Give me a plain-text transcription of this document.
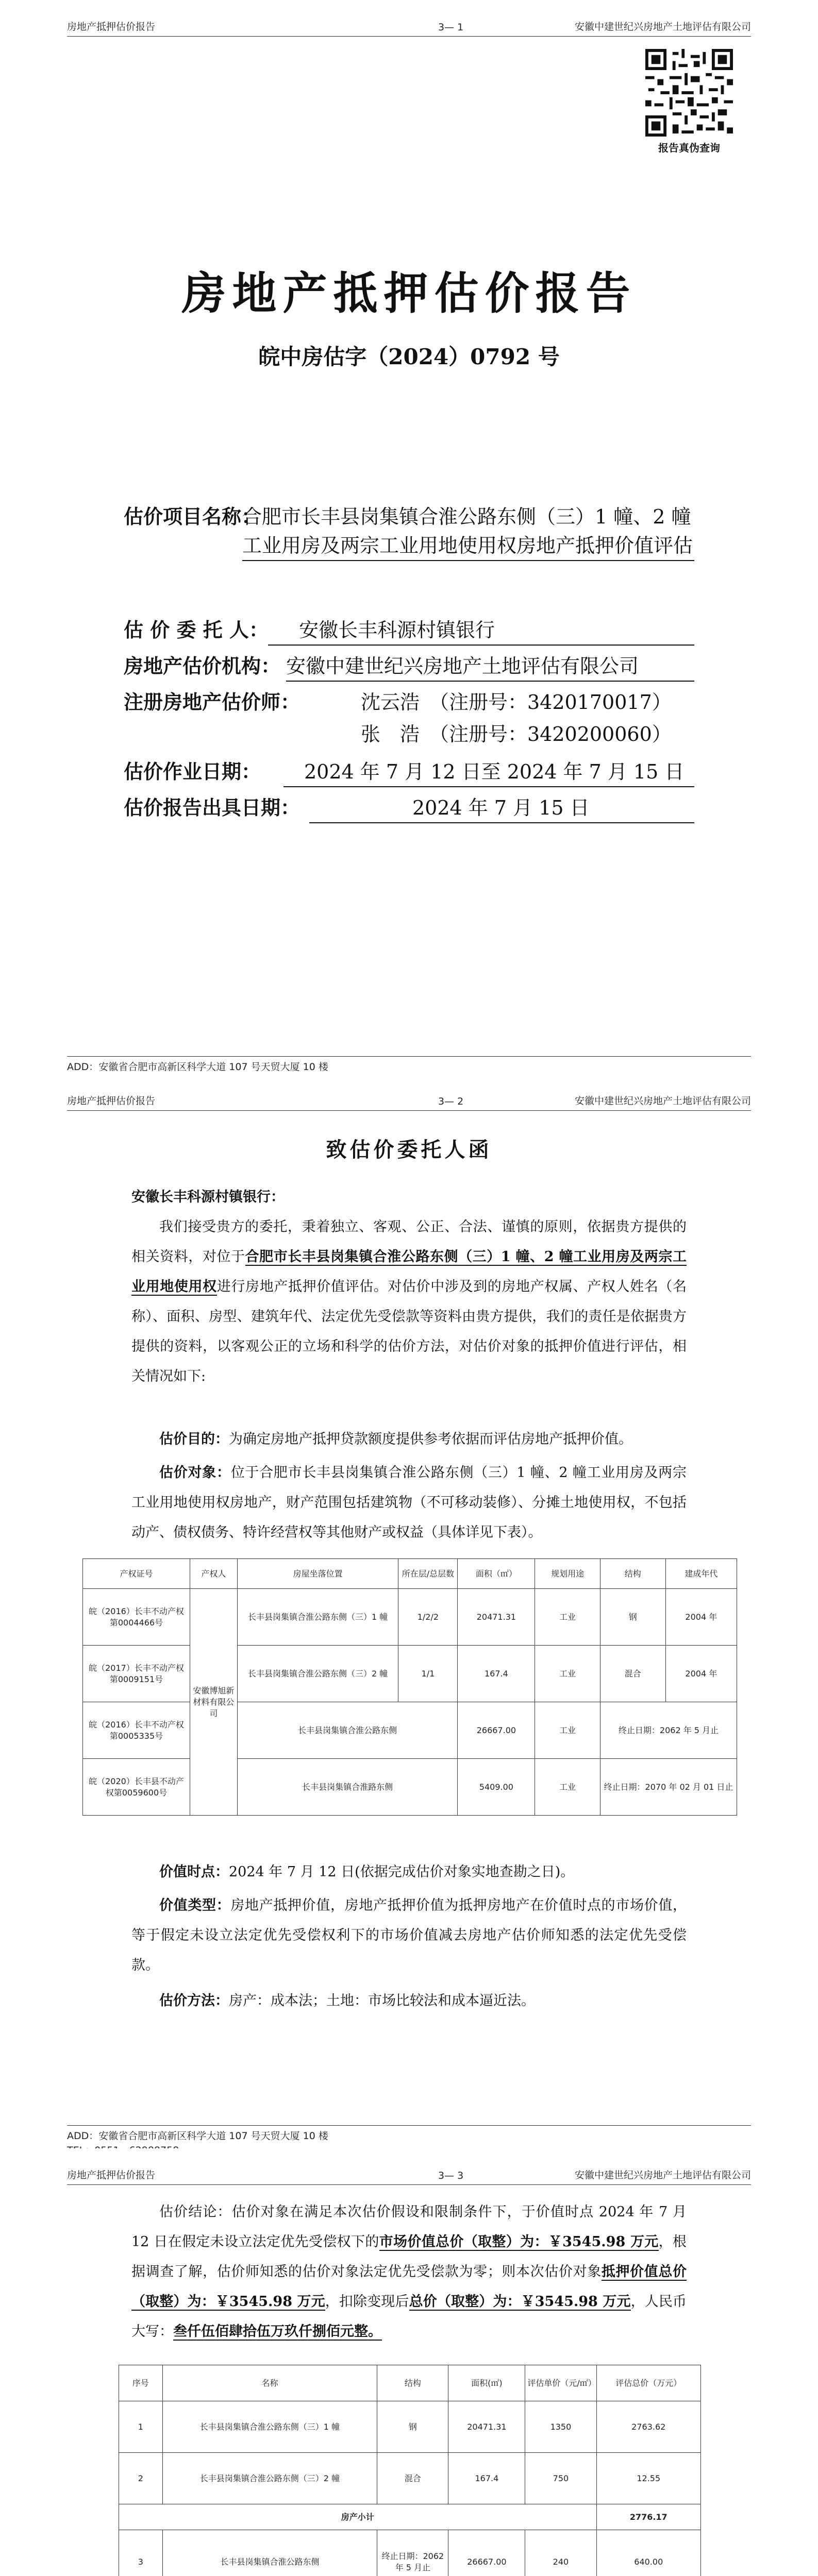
房地产抵押估价报告	3— 1	安徽中建世纪兴房地产土地评估有限公司
报告真伪查询
房地产抵押估价报告
皖中房估字（2024）0792 号
估价项目名称：
合肥市长丰县岗集镇合淮公路东侧（三）1 幢、2 幢工业用房及两宗工业用地使用权房地产抵押价值评估
估 价 委 托 人：	安徽长丰科源村镇银行
房地产估价机构： 安徽中建世纪兴房地产土地评估有限公司
注册房地产估价师：	沈云浩　（注册号：3420170017）
张　浩　（注册号：3420200060）
估价作业日期：	2024 年 7 月 12 日至 2024 年 7 月 15 日
估价报告出具日期：	2024 年 7 月 15 日
ADD：安徽省合肥市高新区科学大道 107 号天贸大厦 10 楼
房地产抵押估价报告	3— 2	安徽中建世纪兴房地产土地评估有限公司
致估价委托人函
安徽长丰科源村镇银行：
我们接受贵方的委托，秉着独立、客观、公正、合法、谨慎的原则，依据贵方提供的相关资料，对位于合肥市长丰县岗集镇合淮公路东侧（三）1 幢、2 幢工业用房及两宗工业用地使用权进行房地产抵押价值评估。对估价中涉及到的房地产权属、产权人姓名（名称）、面积、房型、建筑年代、法定优先受偿款等资料由贵方提供，我们的责任是依据贵方提供的资料，以客观公正的立场和科学的估价方法，对估价对象的抵押价值进行评估，相关情况如下:
估价目的：为确定房地产抵押贷款额度提供参考依据而评估房地产抵押价值。
估价对象：位于合肥市长丰县岗集镇合淮公路东侧（三）1 幢、2 幢工业用房及两宗工业用地使用权房地产，财产范围包括建筑物（不可移动装修）、分摊土地使用权，不包括动产、债权债务、特许经营权等其他财产或权益（具体详见下表）。
产权证号	产权人	房屋坐落位置	所在层/总层数	面积（㎡）	规划用途	结构	建成年代
皖（2016）长丰不动产权第0004466号	安徽博旭新材料有限公司	长丰县岗集镇合淮公路东侧（三）1 幢	1/2/2	20471.31	工业	钢	2004 年
皖（2017）长丰不动产权第0009151号		长丰县岗集镇合淮公路东侧（三）2 幢	1/1	167.4	工业	混合	2004 年
皖（2016）长丰不动产权第0005335号		长丰县岗集镇合淮公路东侧		26667.00	工业	终止日期：2062 年 5 月止	
皖（2020）长丰县不动产权第0059600号		长丰县岗集镇合淮路东侧		5409.00	工业	终止日期：2070 年 02 月 01 日止	
价值时点：2024 年 7 月 12 日(依据完成估价对象实地查勘之日)。
价值类型：房地产抵押价值，房地产抵押价值为抵押房地产在价值时点的市场价值，等于假定未设立法定优先受偿权利下的市场价值减去房地产估价师知悉的法定优先受偿款。
估价方法：房产：成本法；土地：市场比较法和成本逼近法。
ADD：安徽省合肥市高新区科学大道 107 号天贸大厦 10 楼
房地产抵押估价报告	3— 3	安徽中建世纪兴房地产土地评估有限公司
估价结论：估价对象在满足本次估价假设和限制条件下，于价值时点 2024 年 7 月 12 日在假定未设立法定优先受偿权下的市场价值总价（取整）为：￥3545.98 万元，根据调查了解，估价师知悉的估价对象法定优先受偿款为零；则本次估价对象抵押价值总价（取整）为：￥3545.98 万元，扣除变现后总价（取整）为：￥3545.98 万元，人民币大写：叁仟伍佰肆拾伍万玖仟捌佰元整。
序号	名称	结构	面积(㎡)	评估单价（元/㎡）	评估总价（万元）
1	长丰县岗集镇合淮公路东侧（三）1 幢	钢	20471.31	1350	2763.62
2	长丰县岗集镇合淮公路东侧（三）2 幢	混合	167.4	750	12.55
房产小计					2776.17
3	长丰县岗集镇合淮公路东侧	终止日期：2062 年 5 月止	26667.00	240	640.00
